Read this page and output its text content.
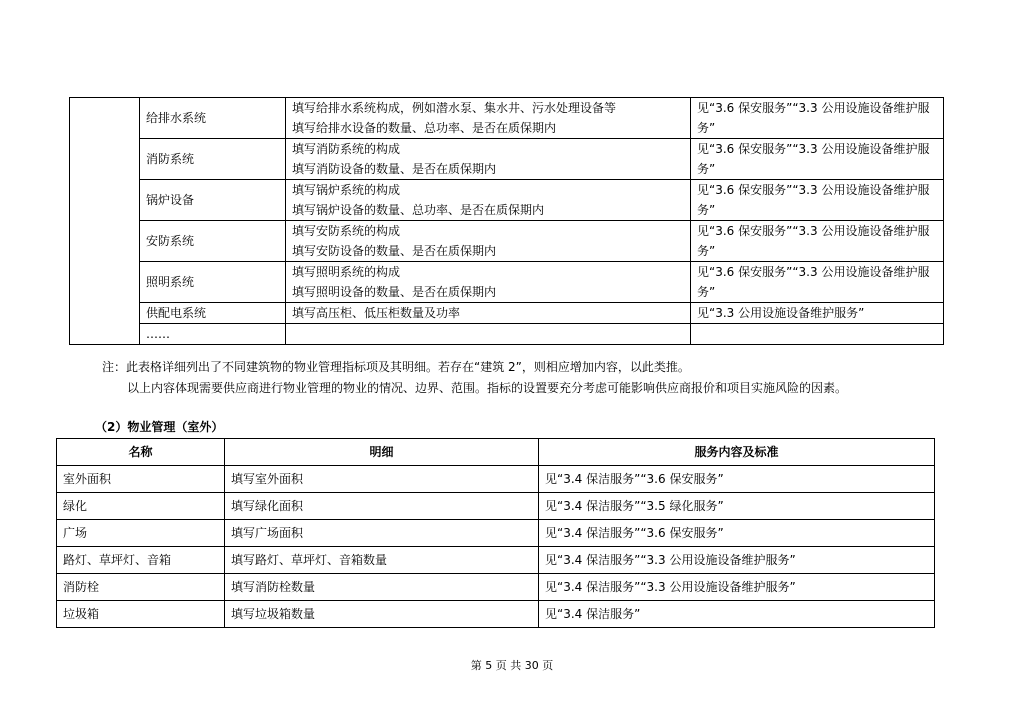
	给排水系统	填写给排水系统构成，例如潜水泵、集水井、污水处理设备等
填写给排水设备的数量、总功率、是否在质保期内	见“3.6 保安服务”“3.3 公用设施设备维护服
务”

	消防系统	填写消防系统的构成
填写消防设备的数量、是否在质保期内	见“3.6 保安服务”“3.3 公用设施设备维护服
务”

	锅炉设备	填写锅炉系统的构成
填写锅炉设备的数量、总功率、是否在质保期内	见“3.6 保安服务”“3.3 公用设施设备维护服
务”

	安防系统	填写安防系统的构成
填写安防设备的数量、是否在质保期内	见“3.6 保安服务”“3.3 公用设施设备维护服
务”

	照明系统	填写照明系统的构成
填写照明设备的数量、是否在质保期内	见“3.6 保安服务”“3.3 公用设施设备维护服
务”

	供配电系统	填写高压柜、低压柜数量及功率	见“3.3 公用设施设备维护服务”

	……	

注：此表格详细列出了不同建筑物的物业管理指标项及其明细。若存在“建筑 2”，则相应增加内容，以此类推。
以上内容体现需要供应商进行物业管理的物业的情况、边界、范围。指标的设置要充分考虑可能影响供应商报价和项目实施风险的因素。
（2）物业管理（室外）
名称	明细	服务内容及标准
室外面积	填写室外面积	见“3.4 保洁服务”“3.6 保安服务”
绿化	填写绿化面积	见“3.4 保洁服务”“3.5 绿化服务”
广场	填写广场面积	见“3.4 保洁服务”“3.6 保安服务”
路灯、草坪灯、音箱	填写路灯、草坪灯、音箱数量	见“3.4 保洁服务”“3.3 公用设施设备维护服务”
消防栓	填写消防栓数量	见“3.4 保洁服务”“3.3 公用设施设备维护服务”
垃圾箱	填写垃圾箱数量	见“3.4 保洁服务”
第 5 页 共 30 页
